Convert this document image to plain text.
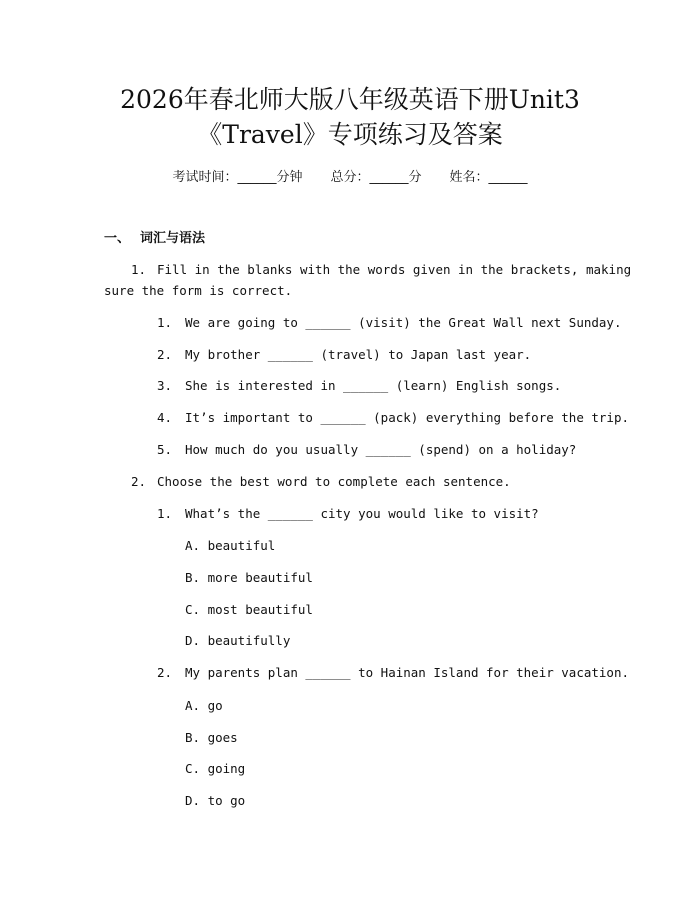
2026年春北师大版八年级英语下册Unit3
《Travel》专项练习及答案
考试时间：______分钟 总分：______分 姓名：______
一、 词汇与语法
1. Fill in the blanks with the words given in the brackets, making
sure the form is correct.
1.	We are going to ______ (visit) the Great Wall next Sunday.
2.	My brother ______ (travel) to Japan last year.
3.	She is interested in ______ (learn) English songs.
4.	It’s important to ______ (pack) everything before the trip.
5.	How much do you usually ______ (spend) on a holiday?
2. Choose the best word to complete each sentence.
1.	What’s the ______ city you would like to visit?
A. beautiful
B. more beautiful
C. most beautiful
D. beautifully
2.	My parents plan ______ to Hainan Island for their vacation.
A. go
B. goes
C. going
D. to go
